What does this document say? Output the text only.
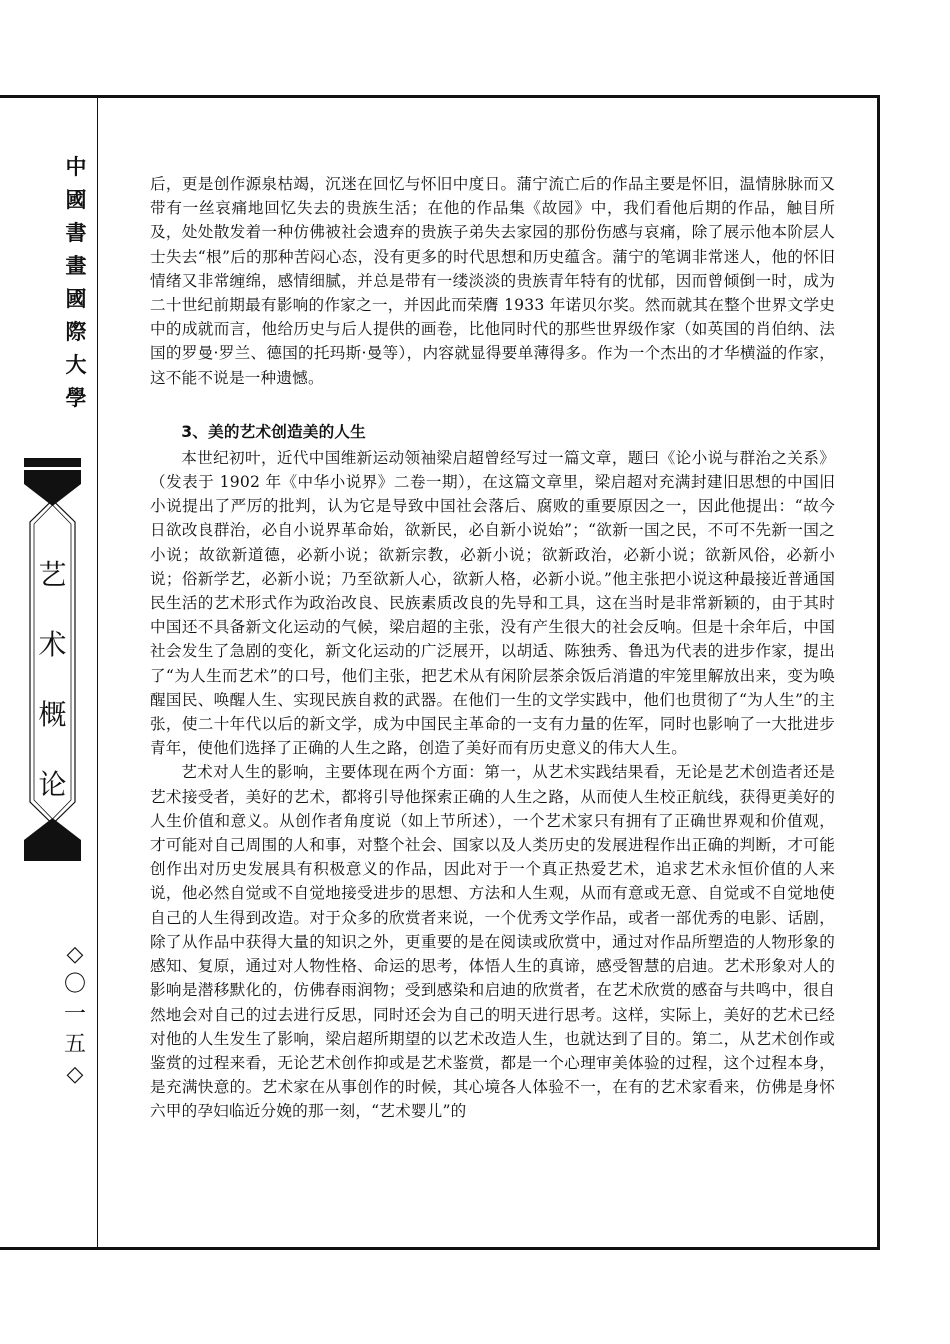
中
國
書
畫
國
際
大
學
艺
术
概
论
◇
〇
一
五
◇

后，更是创作源泉枯竭，沉迷在回忆与怀旧中度日。蒲宁流亡后的作品主要是怀旧，温情脉脉而又带有一丝哀痛地回忆失去的贵族生活；在他的作品集《故园》中，我们看他后期的作品，触目所及，处处散发着一种仿佛被社会遗弃的贵族子弟失去家园的那份伤感与哀痛，除了展示他本阶层人士失去“根”后的那种苦闷心态，没有更多的时代思想和历史蕴含。蒲宁的笔调非常迷人，他的怀旧情绪又非常缠绵，感情细腻，并总是带有一缕淡淡的贵族青年特有的忧郁，因而曾倾倒一时，成为二十世纪前期最有影响的作家之一，并因此而荣膺 1933 年诺贝尔奖。然而就其在整个世界文学史中的成就而言，他给历史与后人提供的画卷，比他同时代的那些世界级作家（如英国的肖伯纳、法国的罗曼·罗兰、德国的托玛斯·曼等），内容就显得要单薄得多。作为一个杰出的才华横溢的作家，这不能不说是一种遗憾。

3、美的艺术创造美的人生

本世纪初叶，近代中国维新运动领袖梁启超曾经写过一篇文章，题曰《论小说与群治之关系》（发表于 1902 年《中华小说界》二卷一期），在这篇文章里，梁启超对充满封建旧思想的中国旧小说提出了严厉的批判，认为它是导致中国社会落后、腐败的重要原因之一，因此他提出：“故今日欲改良群治，必自小说界革命始，欲新民，必自新小说始”；“欲新一国之民，不可不先新一国之小说；故欲新道德，必新小说；欲新宗教，必新小说；欲新政治，必新小说；欲新风俗，必新小说；俗新学艺，必新小说；乃至欲新人心，欲新人格，必新小说。”他主张把小说这种最接近普通国民生活的艺术形式作为政治改良、民族素质改良的先导和工具，这在当时是非常新颖的，由于其时中国还不具备新文化运动的气候，梁启超的主张，没有产生很大的社会反响。但是十余年后，中国社会发生了急剧的变化，新文化运动的广泛展开，以胡适、陈独秀、鲁迅为代表的进步作家，提出了“为人生而艺术”的口号，他们主张，把艺术从有闲阶层茶余饭后消遣的牢笼里解放出来，变为唤醒国民、唤醒人生、实现民族自救的武器。在他们一生的文学实践中，他们也贯彻了“为人生”的主张，使二十年代以后的新文学，成为中国民主革命的一支有力量的佐军，同时也影响了一大批进步青年，使他们选择了正确的人生之路，创造了美好而有历史意义的伟大人生。

艺术对人生的影响，主要体现在两个方面：第一，从艺术实践结果看，无论是艺术创造者还是艺术接受者，美好的艺术，都将引导他探索正确的人生之路，从而使人生校正航线，获得更美好的人生价值和意义。从创作者角度说（如上节所述），一个艺术家只有拥有了正确世界观和价值观，才可能对自己周围的人和事，对整个社会、国家以及人类历史的发展进程作出正确的判断，才可能创作出对历史发展具有积极意义的作品，因此对于一个真正热爱艺术，追求艺术永恒价值的人来说，他必然自觉或不自觉地接受进步的思想、方法和人生观，从而有意或无意、自觉或不自觉地使自己的人生得到改造。对于众多的欣赏者来说，一个优秀文学作品，或者一部优秀的电影、话剧，除了从作品中获得大量的知识之外，更重要的是在阅读或欣赏中，通过对作品所塑造的人物形象的感知、复原，通过对人物性格、命运的思考，体悟人生的真谛，感受智慧的启迪。艺术形象对人的影响是潜移默化的，仿佛春雨润物；受到感染和启迪的欣赏者，在艺术欣赏的感奋与共鸣中，很自然地会对自己的过去进行反思，同时还会为自己的明天进行思考。这样，实际上，美好的艺术已经对他的人生发生了影响，梁启超所期望的以艺术改造人生，也就达到了目的。第二，从艺术创作或鉴赏的过程来看，无论艺术创作抑或是艺术鉴赏，都是一个心理审美体验的过程，这个过程本身，是充满快意的。艺术家在从事创作的时候，其心境各人体验不一，在有的艺术家看来，仿佛是身怀六甲的孕妇临近分娩的那一刻，“艺术婴儿”的
